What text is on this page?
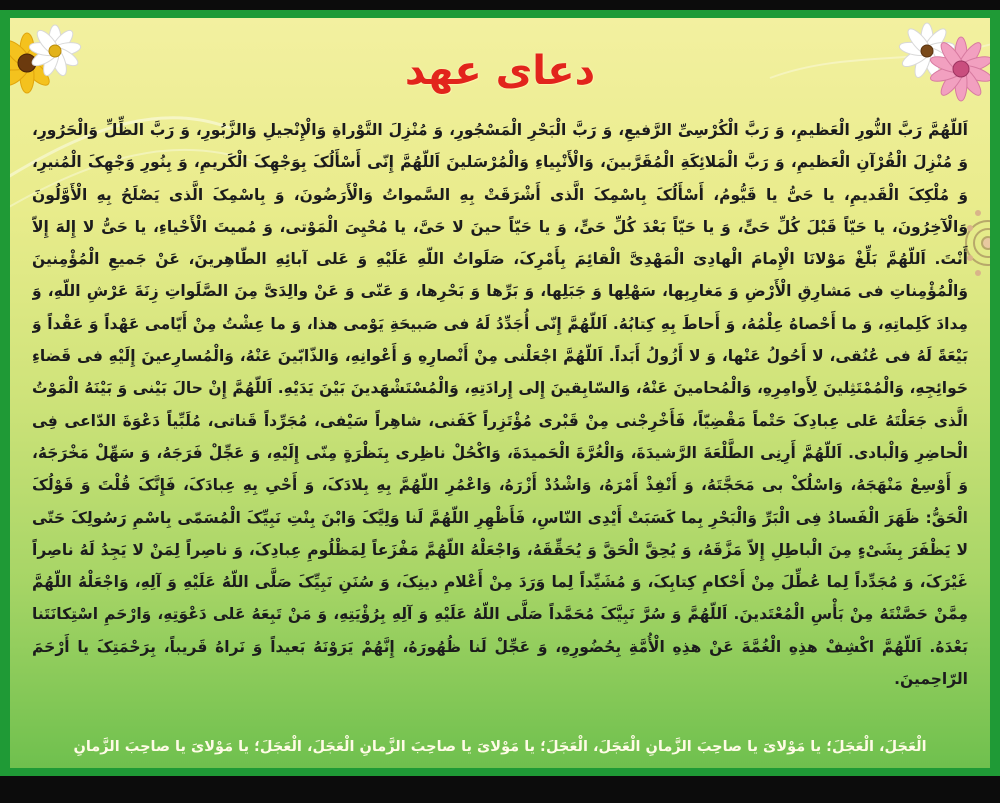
دعای عهد
اَللّهُمَّ رَبَّ النُّورِ الْعَظیمِ، وَ رَبَّ الْکُرْسِیِّ الرَّفیعِ، وَ رَبَّ الْبَحْرِ الْمَسْجُورِ، وَ مُنْزِلَ التَّوْراةِ وَالْإِنْجیلِ وَالزَّبُورِ، وَ رَبَّ الظِّلِّ وَالْحَرُورِ، وَ مُنْزِلَ الْقُرْآنِ الْعَظیمِ، وَ رَبَّ الْمَلائِکَةِ الْمُقَرَّبینَ، وَالْأَنْبِیاءِ وَالْمُرْسَلینَ اَللّهُمَّ إِنّی أَسْأَلُکَ بِوَجْهِکَ الْکَریمِ، وَ بِنُورِ وَجْهِکَ الْمُنیرِ، وَ مُلْکِکَ الْقَدیمِ، یا حَیُّ یا قَیُّومُ، أَسْأَلُکَ بِاسْمِکَ الَّذی أَشْرَقَتْ بِهِ السَّمواتُ وَالْأَرَضُونَ، وَ بِاسْمِکَ الَّذی یَصْلَحُ بِهِ الْأَوَّلُونَ وَالْآخِرُونَ، یا حَیّاً قَبْلَ کُلِّ حَیٍّ، وَ یا حَیّاً بَعْدَ کُلِّ حَیٍّ، وَ یا حَیّاً حینَ لا حَیَّ، یا مُحْیِیَ الْمَوْتی، وَ مُمیتَ الْأَحْیاءِ، یا حَیُّ لا إِلهَ إِلاّ أَنْتَ. اَللّهُمَّ بَلِّغْ مَوْلانَا الْإِمامَ الْهادِیَ الْمَهْدِیَّ الْقائِمَ بِأَمْرِکَ، صَلَواتُ اللّهِ عَلَیْهِ وَ عَلی آبائِهِ الطّاهِرینَ، عَنْ جَمیعِ الْمُؤْمِنینَ وَالْمُؤْمِناتِ فی مَشارِقِ الْأَرْضِ وَ مَغارِبِها، سَهْلِها وَ جَبَلِها، وَ بَرِّها وَ بَحْرِها، وَ عَنّی وَ عَنْ والِدَیَّ مِنَ الصَّلَواتِ زِنَةَ عَرْشِ اللّهِ، وَ مِدادَ کَلِماتِهِ، وَ ما أَحْصاهُ عِلْمُهُ، وَ أَحاطَ بِهِ کِتابُهُ. اَللّهُمَّ إِنّی أُجَدِّدُ لَهُ فی صَبیحَةِ یَوْمی هذا، وَ ما عِشْتُ مِنْ أَیّامی عَهْداً وَ عَقْداً وَ بَیْعَةً لَهُ فی عُنُقی، لا أَحُولُ عَنْها، وَ لا أَزُولُ أَبَداً. اَللّهُمَّ اجْعَلْنی مِنْ أَنْصارِهِ وَ أَعْوانِهِ، وَالذّابّینَ عَنْهُ، وَالْمُسارِعینَ إِلَیْهِ فی قَضاءِ حَوائِجِهِ، وَالْمُمْتَثِلینَ لِأَوامِرِهِ، وَالْمُحامینَ عَنْهُ، وَالسّابِقینَ إِلی إِرادَتِهِ، وَالْمُسْتَشْهَدینَ بَیْنَ یَدَیْهِ. اَللّهُمَّ إِنْ حالَ بَیْنی وَ بَیْنَهُ الْمَوْتُ الَّذی جَعَلْتَهُ عَلی عِبادِکَ حَتْماً مَقْضِیّاً، فَأَخْرِجْنی مِنْ قَبْری مُؤْتَزِراً کَفَنی، شاهِراً سَیْفی، مُجَرِّداً قَناتی، مُلَبِّیاً دَعْوَةَ الدّاعی فِی الْحاضِرِ وَالْبادی. اَللّهُمَّ أَرِنِی الطَّلْعَةَ الرَّشیدَةَ، وَالْغُرَّةَ الْحَمیدَةَ، وَاکْحُلْ ناظِری بِنَظْرَةٍ مِنّی إِلَیْهِ، وَ عَجِّلْ فَرَجَهُ، وَ سَهِّلْ مَخْرَجَهُ، وَ أَوْسِعْ مَنْهَجَهُ، وَاسْلُکْ بی مَحَجَّتَهُ، وَ أَنْفِذْ أَمْرَهُ، وَاشْدُدْ أَزْرَهُ، وَاعْمُرِ اللّهُمَّ بِهِ بِلادَکَ، وَ أَحْیِ بِهِ عِبادَکَ، فَإِنَّکَ قُلْتَ وَ قَوْلُکَ الْحَقُّ: ظَهَرَ الْفَسادُ فِی الْبَرِّ وَالْبَحْرِ بِما کَسَبَتْ أَیْدِی النّاسِ، فَأَظْهِرِ اللّهُمَّ لَنا وَلِیَّکَ وَابْنَ بِنْتِ نَبِیِّکَ الْمُسَمّی بِاسْمِ رَسُولِکَ حَتّی لا یَظْفَرَ بِشَیْءٍ مِنَ الْباطِلِ إِلاّ مَزَّقَهُ، وَ یُحِقَّ الْحَقَّ وَ یُحَقِّقَهُ، وَاجْعَلْهُ اللّهُمَّ مَفْزَعاً لِمَظْلُومِ عِبادِکَ، وَ ناصِراً لِمَنْ لا یَجِدُ لَهُ ناصِراً غَیْرَکَ، وَ مُجَدِّداً لِما عُطِّلَ مِنْ أَحْکامِ کِتابِکَ، وَ مُشَیِّداً لِما وَرَدَ مِنْ أَعْلامِ دینِکَ، وَ سُنَنِ نَبِیِّکَ صَلَّی اللّهُ عَلَیْهِ وَ آلِهِ، وَاجْعَلْهُ اللّهُمَّ مِمَّنْ حَصَّنْتَهُ مِنْ بَأْسِ الْمُعْتَدینَ. اَللّهُمَّ وَ سُرَّ نَبِیَّکَ مُحَمَّداً صَلَّی اللّهُ عَلَیْهِ وَ آلِهِ بِرُؤْیَتِهِ، وَ مَنْ تَبِعَهُ عَلی دَعْوَتِهِ، وَارْحَمِ اسْتِکانَتَنا بَعْدَهُ. اَللّهُمَّ اکْشِفْ هذِهِ الْغُمَّةَ عَنْ هذِهِ الْأُمَّةِ بِحُضُورِهِ، وَ عَجِّلْ لَنا ظُهُورَهُ، إِنَّهُمْ یَرَوْنَهُ بَعیداً وَ نَراهُ قَریباً، بِرَحْمَتِکَ یا أَرْحَمَ الرّاحِمینَ.
الْعَجَلَ، الْعَجَلَ؛ یا مَوْلایَ یا صاحِبَ الزَّمانِ الْعَجَلَ، الْعَجَلَ؛ یا مَوْلایَ یا صاحِبَ الزَّمانِ الْعَجَلَ، الْعَجَلَ؛ یا مَوْلایَ یا صاحِبَ الزَّمانِ
